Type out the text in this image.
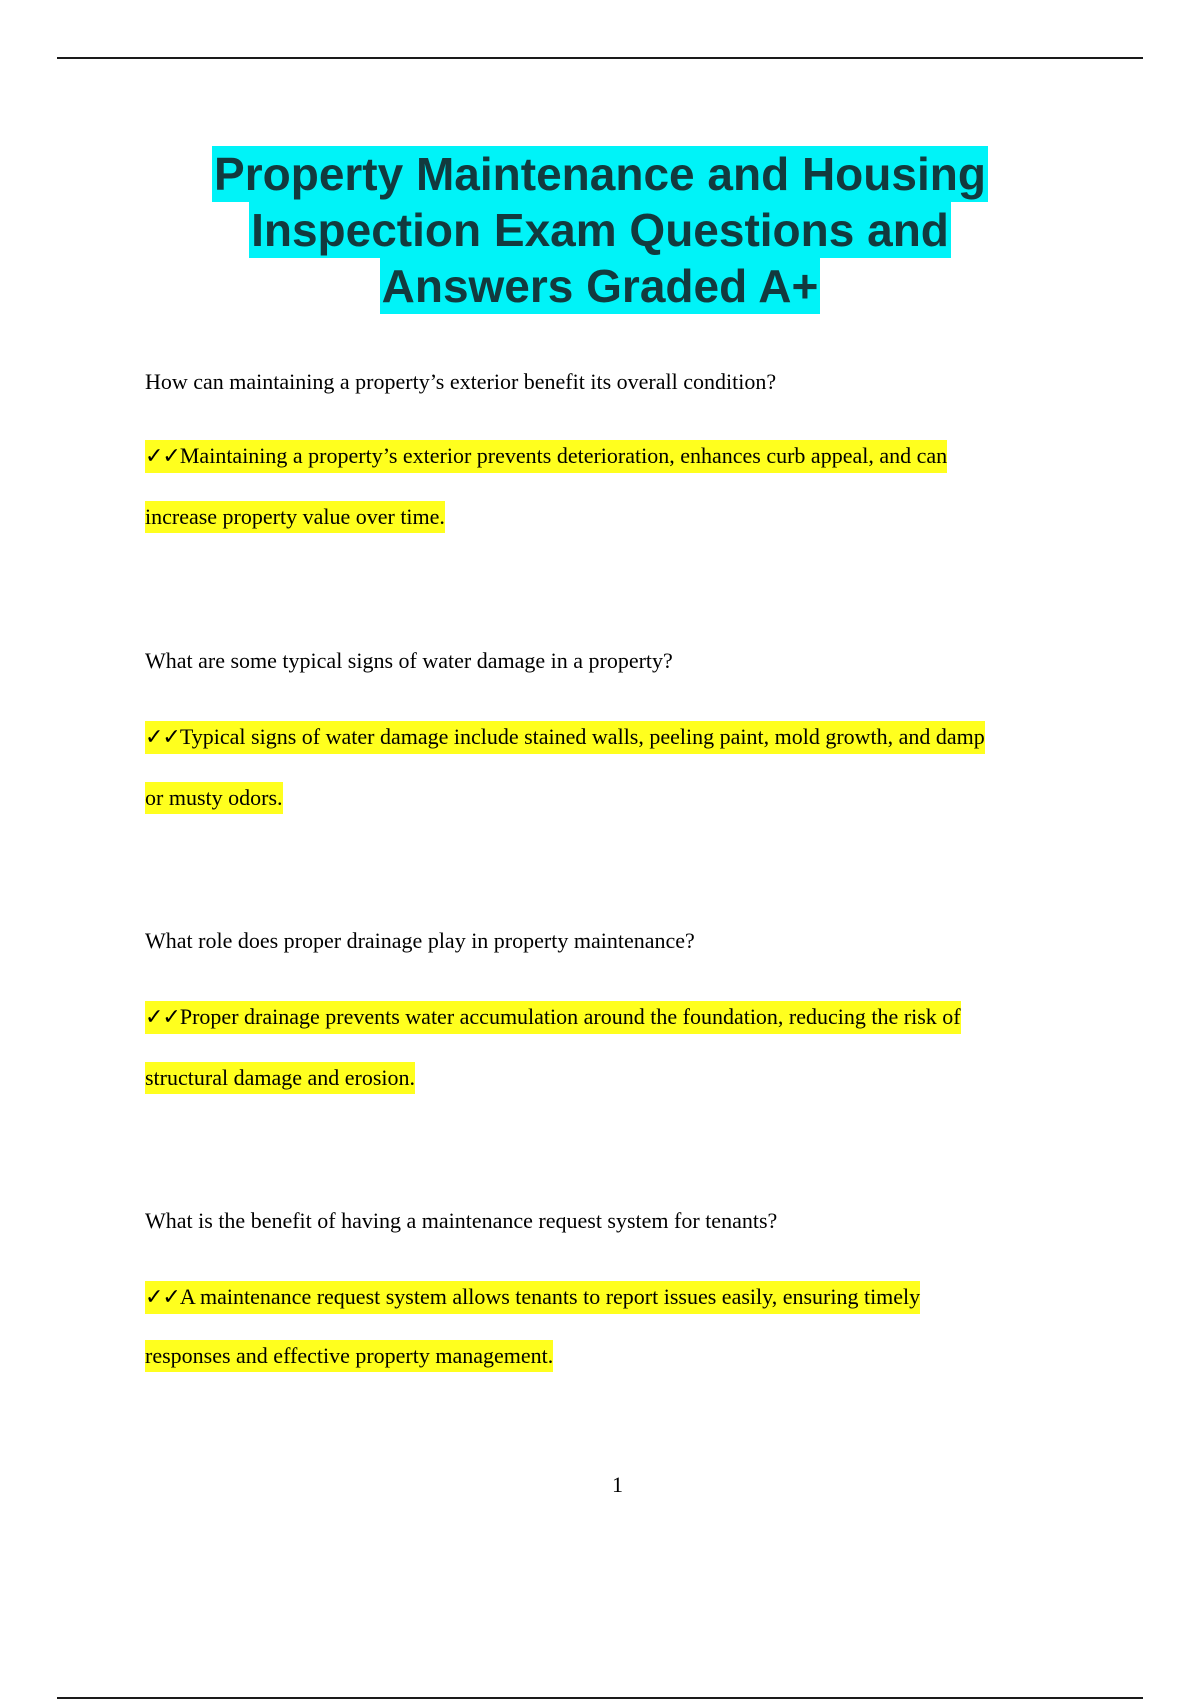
Property Maintenance and Housing
Inspection Exam Questions and
Answers Graded A+
How can maintaining a property’s exterior benefit its overall condition?
✓✓Maintaining a property’s exterior prevents deterioration, enhances curb appeal, and can
increase property value over time.
What are some typical signs of water damage in a property?
✓✓Typical signs of water damage include stained walls, peeling paint, mold growth, and damp
or musty odors.
What role does proper drainage play in property maintenance?
✓✓Proper drainage prevents water accumulation around the foundation, reducing the risk of
structural damage and erosion.
What is the benefit of having a maintenance request system for tenants?
✓✓A maintenance request system allows tenants to report issues easily, ensuring timely
responses and effective property management.
1
